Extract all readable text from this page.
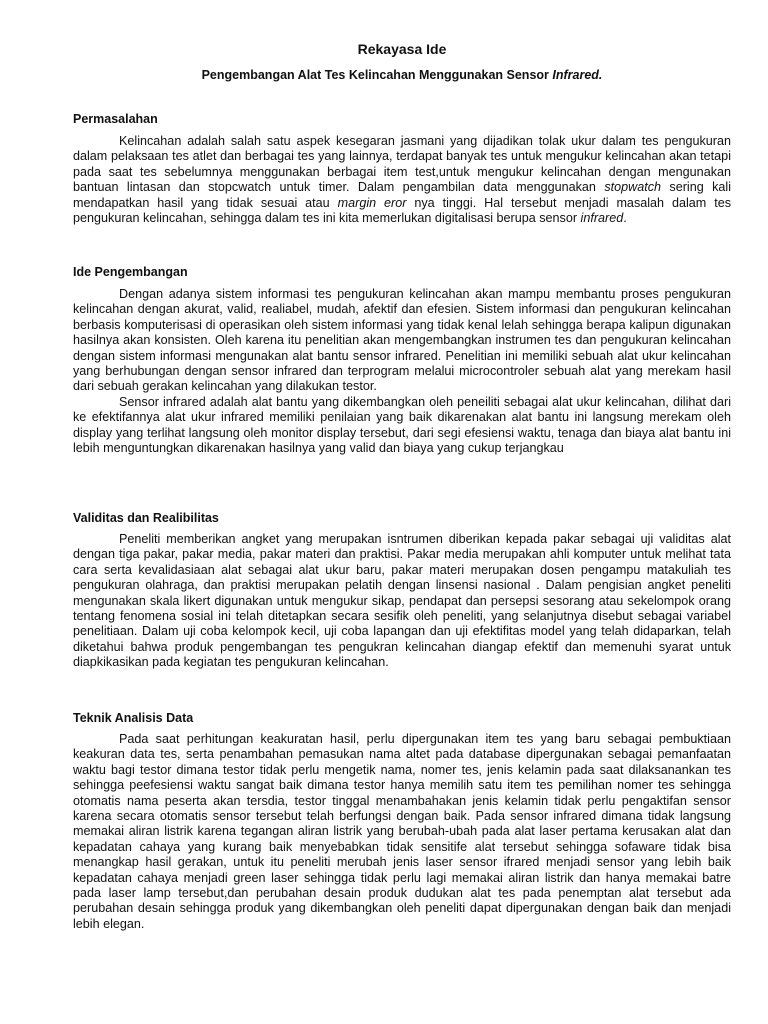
Rekayasa Ide

Pengembangan Alat Tes Kelincahan Menggunakan Sensor Infrared.

Permasalahan

Kelincahan adalah salah satu aspek kesegaran jasmani yang dijadikan tolak ukur dalam tes pengukuran dalam pelaksaan tes atlet dan berbagai tes yang lainnya, terdapat banyak tes untuk mengukur kelincahan akan tetapi pada saat tes sebelumnya menggunakan berbagai item test,untuk mengukur kelincahan dengan mengunakan bantuan lintasan dan stopcwatch untuk timer. Dalam pengambilan data menggunakan stopwatch sering kali mendapatkan hasil yang tidak sesuai atau margin eror nya tinggi. Hal tersebut menjadi masalah dalam tes pengukuran kelincahan, sehingga dalam tes ini kita memerlukan digitalisasi berupa sensor infrared.

Ide Pengembangan

Dengan adanya sistem informasi tes pengukuran kelincahan akan mampu membantu proses pengukuran kelincahan dengan akurat, valid, realiabel, mudah, afektif dan efesien. Sistem informasi dan pengukuran kelincahan berbasis komputerisasi di operasikan oleh sistem informasi yang tidak kenal lelah sehingga berapa kalipun digunakan hasilnya akan konsisten. Oleh karena itu penelitian akan mengembangkan instrumen tes dan pengukuran kelincahan dengan sistem informasi mengunakan alat bantu sensor infrared. Penelitian ini memiliki sebuah alat ukur kelincahan yang berhubungan dengan sensor infrared dan terprogram melalui microcontroler sebuah alat yang merekam hasil dari sebuah gerakan kelincahan yang dilakukan testor.

Sensor infrared adalah alat bantu yang dikembangkan oleh peneiliti sebagai alat ukur kelincahan, dilihat dari ke efektifannya alat ukur infrared memiliki penilaian yang baik dikarenakan alat bantu ini langsung merekam oleh display yang terlihat langsung oleh monitor display tersebut, dari segi efesiensi waktu, tenaga dan biaya alat bantu ini lebih menguntungkan dikarenakan hasilnya yang valid dan biaya yang cukup terjangkau

Validitas dan Realibilitas

Peneliti memberikan angket yang merupakan isntrumen diberikan kepada pakar sebagai uji validitas alat dengan tiga pakar, pakar media, pakar materi dan praktisi. Pakar media merupakan ahli komputer untuk melihat tata cara serta kevalidasiaan alat sebagai alat ukur baru, pakar materi merupakan dosen pengampu matakuliah tes pengukuran olahraga, dan praktisi merupakan pelatih dengan linsensi nasional . Dalam pengisian angket peneliti mengunakan skala likert digunakan untuk mengukur sikap, pendapat dan persepsi sesorang atau sekelompok orang tentang fenomena sosial ini telah ditetapkan secara sesifik oleh peneliti, yang selanjutnya disebut sebagai variabel penelitiaan. Dalam uji coba kelompok kecil, uji coba lapangan dan uji efektifitas model yang telah didaparkan, telah diketahui bahwa produk pengembangan tes pengukran kelincahan diangap efektif dan memenuhi syarat untuk diapkikasikan pada kegiatan tes pengukuran kelincahan.

Teknik Analisis Data

Pada saat perhitungan keakuratan hasil, perlu dipergunakan item tes yang baru sebagai pembuktiaan keakuran data tes, serta penambahan pemasukan nama altet pada database dipergunakan sebagai pemanfaatan waktu bagi testor dimana testor tidak perlu mengetik nama, nomer tes, jenis kelamin pada saat dilaksanankan tes sehingga peefesiensi waktu sangat baik dimana testor hanya memilih satu item tes pemilihan nomer tes sehingga otomatis nama peserta akan tersdia, testor tinggal menambahakan jenis kelamin tidak perlu pengaktifan sensor karena secara otomatis sensor tersebut telah berfungsi dengan baik. Pada sensor infrared dimana tidak langsung memakai aliran listrik karena tegangan aliran listrik yang berubah-ubah pada alat laser pertama kerusakan alat dan kepadatan cahaya yang kurang baik menyebabkan tidak sensitife alat tersebut sehingga sofaware tidak bisa menangkap hasil gerakan, untuk itu peneliti merubah jenis laser sensor ifrared menjadi sensor yang lebih baik kepadatan cahaya menjadi green laser sehingga tidak perlu lagi memakai aliran listrik dan hanya memakai batre pada laser lamp tersebut,dan perubahan desain produk dudukan alat tes pada penemptan alat tersebut ada perubahan desain sehingga produk yang dikembangkan oleh peneliti dapat dipergunakan dengan baik dan menjadi lebih elegan.
